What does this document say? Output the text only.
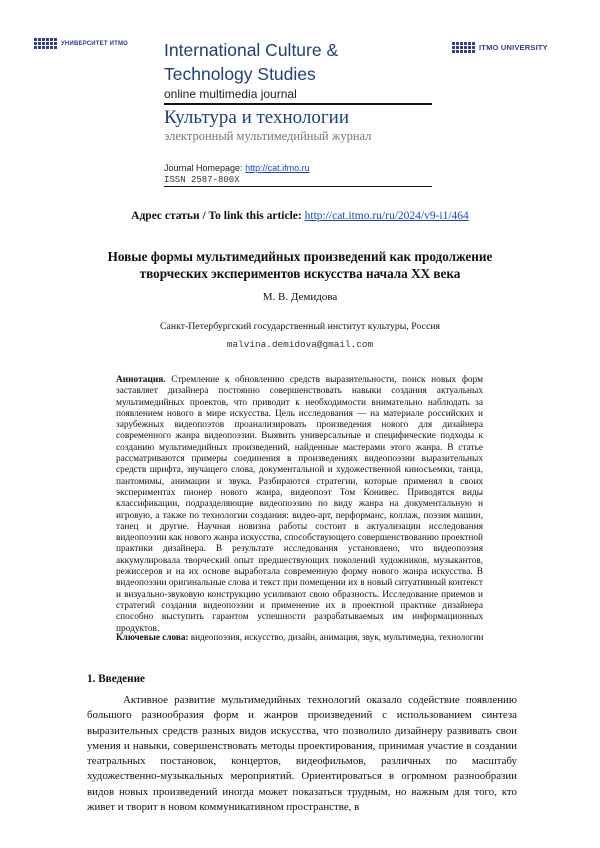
УНИВЕРСИТЕТ ИТМО	ITMO UNIVERSITY
International Culture & Technology Studies
online multimedia journal
Культура и технологии
электронный мультимедийный журнал
Journal Homepage: http://cat.ifmo.ru
ISSN 2587-800X
Адрес статьи / To link this article: http://cat.itmo.ru/ru/2024/v9-i1/464
Новые формы мультимедийных произведений как продолжение творческих экспериментов искусства начала XX века
М. В. Демидова
Санкт-Петербургский государственный институт культуры, Россия
malvina.demidova@gmail.com
Аннотация. Стремление к обновлению средств выразительности, поиск новых форм заставляет дизайнера постоянно совершенствовать навыки создания актуальных мультимедийных проектов, что приводит к необходимости внимательно наблюдать за появлением нового в мире искусства. Цель исследования — на материале российских и зарубежных видеопоэтов проанализировать произведения нового для дизайнера современного жанра видеопоэзии. Выявить универсальные и специфические подходы к созданию мультимедийных произведений, найденные мастерами этого жанра. В статье рассматриваются примеры соединения в произведениях видеопоэзии выразительных средств шрифта, звучащего слова, документальной и художественной киносъемки, танца, пантомимы, анимации и звука. Разбираются стратегии, которые применял в своих экспериментах пионер нового жанра, видеопоэт Том Конивес. Приводятся виды классификации, подразделяющие видеопоэзию по виду жанра на документальную и игровую, а также по технологии создания: видео-арт, перформанс, коллаж, поэзия машин, танец и другие. Научная новизна работы состоит в актуализации исследования видеопоэзии как нового жанра искусства, способствующего совершенствованию проектной практики дизайнера. В результате исследования установлено, что видеопоэзия аккумулировала творческий опыт предшествующих поколений художников, музыкантов, режиссеров и на их основе выработала современную форму нового жанра искусства. В видеопоэзии оригинальные слова и текст при помещении их в новый ситуативный контекст и визуально-звуковую конструкцию усиливают свою образность. Исследование приемов и стратегий создания видеопоэзии и применение их в проектной практике дизайнера способно выступить гарантом успешности разрабатываемых им информационных продуктов.
Ключевые слова: видеопоэзия, искусство, дизайн, анимация, звук, мультимедиа, технологии
1. Введение
Активное развитие мультимедийных технологий оказало содействие появлению большого разнообразия форм и жанров произведений с использованием синтеза выразительных средств разных видов искусства, что позволило дизайнеру развивать свои умения и навыки, совершенствовать методы проектирования, принимая участие в создании театральных постановок, концертов, видеофильмов, различных по масштабу художественно-музыкальных мероприятий. Ориентироваться в огромном разнообразии видов новых произведений иногда может показаться трудным, но важным для того, кто живет и творит в новом коммуникативном пространстве, в
